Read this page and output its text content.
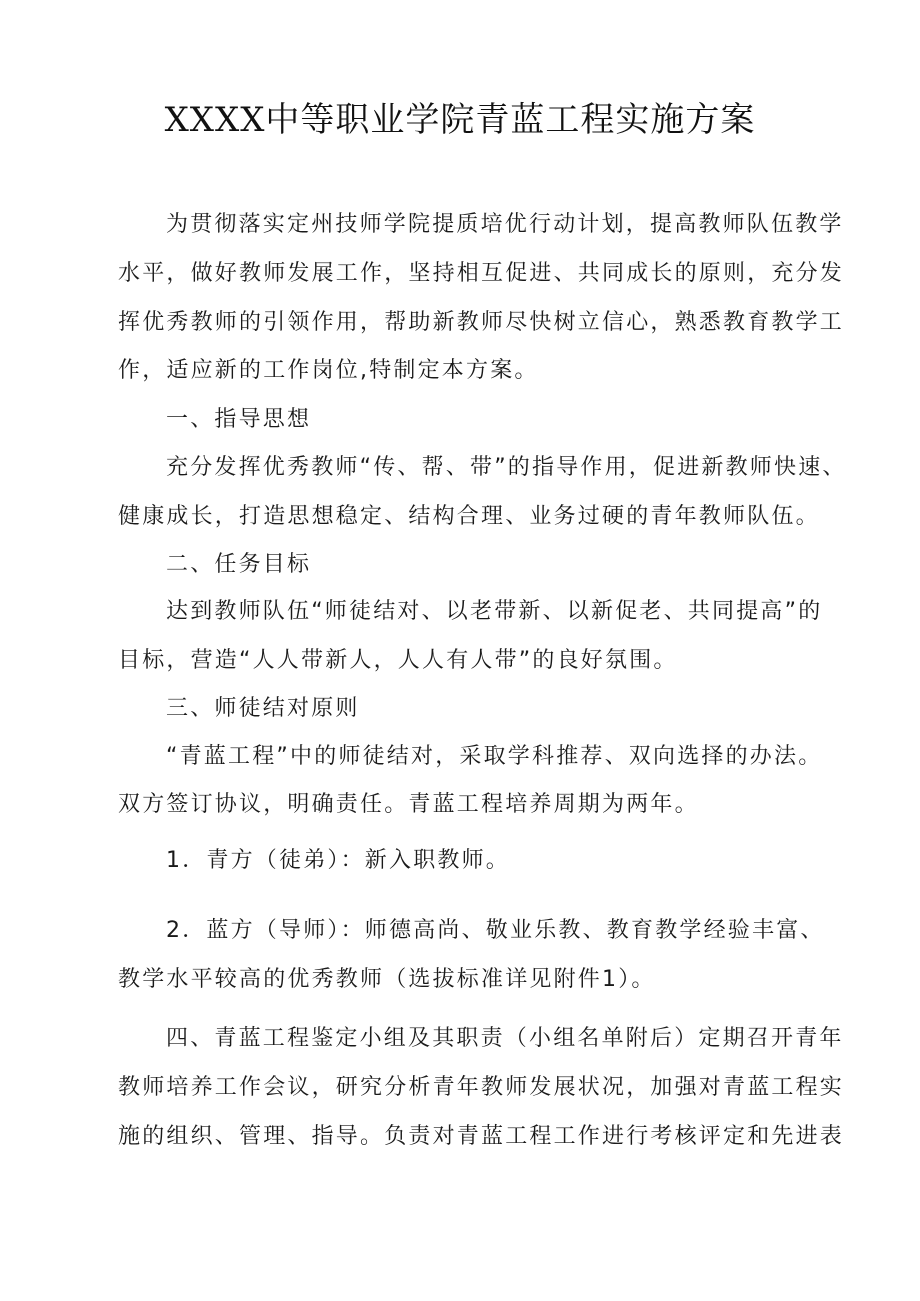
XXXX中等职业学院青蓝工程实施方案
为贯彻落实定州技师学院提质培优行动计划，提高教师队伍教学
水平，做好教师发展工作，坚持相互促进、共同成长的原则，充分发
挥优秀教师的引领作用，帮助新教师尽快树立信心，熟悉教育教学工
作，适应新的工作岗位,特制定本方案。
一、指导思想
充分发挥优秀教师“传、帮、带”的指导作用，促进新教师快速、
健康成长，打造思想稳定、结构合理、业务过硬的青年教师队伍。
二、任务目标
达到教师队伍“师徒结对、以老带新、以新促老、共同提高”的
目标，营造“人人带新人，人人有人带”的良好氛围。
三、师徒结对原则
“青蓝工程”中的师徒结对，采取学科推荐、双向选择的办法。
双方签订协议，明确责任。青蓝工程培养周期为两年。
1．青方（徒弟）：新入职教师。
2．蓝方（导师）：师德高尚、敬业乐教、教育教学经验丰富、
教学水平较高的优秀教师（选拔标准详见附件1）。
四、青蓝工程鉴定小组及其职责（小组名单附后）定期召开青年
教师培养工作会议，研究分析青年教师发展状况，加强对青蓝工程实
施的组织、管理、指导。负责对青蓝工程工作进行考核评定和先进表
